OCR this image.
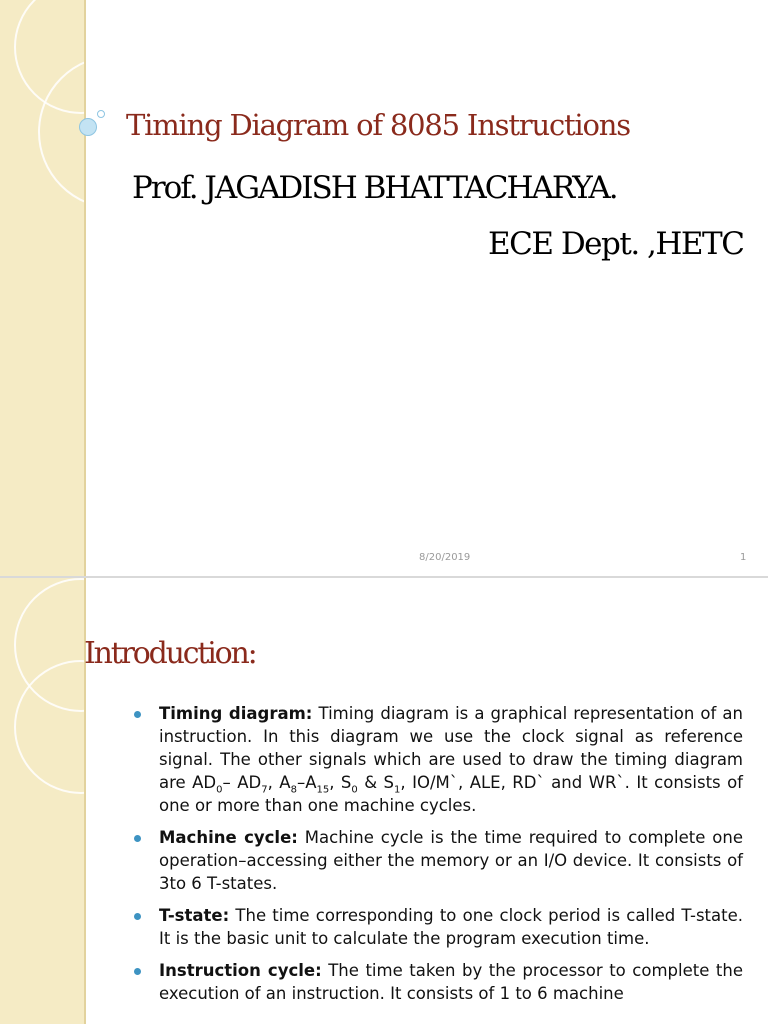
Timing Diagram of 8085 Instructions

Prof. JAGADISH BHATTACHARYA.

ECE Dept. ,HETC

8/20/2019	1
Introduction:
Timing diagram: Timing diagram is a graphical representation of an instruction. In this diagram we use the clock signal as reference signal. The other signals which are used to draw the timing diagram are $AD_0-$ $AD_7$, $A_8-A_{15}$, $S_0$ & $S_1$, IO/M`, ALE, RD` and WR`. It consists of one or more than one machine cycles.
Machine cycle: Machine cycle is the time required to complete one operation–accessing either the memory or an I/O device. It consists of 3to 6 T-states.
T-state: The time corresponding to one clock period is called T-state. It is the basic unit to calculate the program execution time.
Instruction cycle: The time taken by the processor to complete the execution of an instruction. It consists of 1 to 6 machine
